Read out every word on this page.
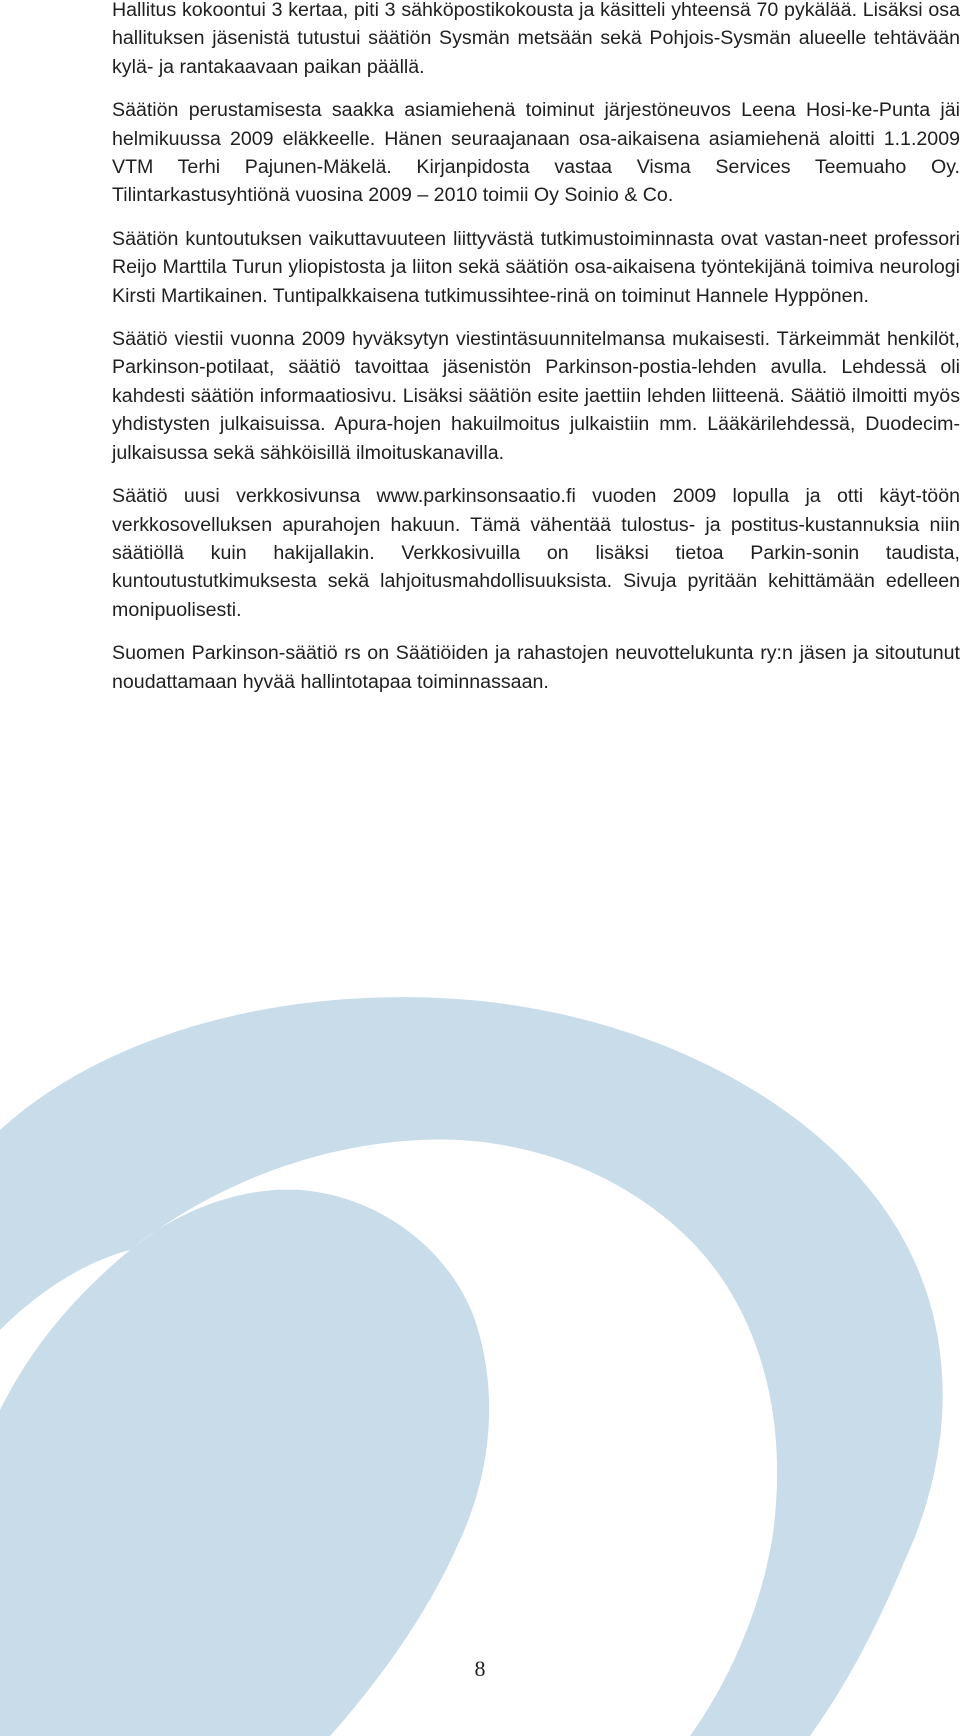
Hallitus kokoontui 3 kertaa, piti 3 sähköpostikokousta ja käsitteli yhteensä 70 pykälää. Lisäksi osa hallituksen jäsenistä tutustui säätiön Sysmän metsään sekä Pohjois-Sysmän alueelle tehtävään kylä- ja rantakaavaan paikan päällä.

Säätiön perustamisesta saakka asiamiehenä toiminut järjestöneuvos Leena Hosi-ke-Punta jäi helmikuussa 2009 eläkkeelle. Hänen seuraajanaan osa-aikaisena asiamiehenä aloitti 1.1.2009 VTM Terhi Pajunen-Mäkelä. Kirjanpidosta vastaa Visma Services Teemuaho Oy. Tilintarkastusyhtiönä vuosina 2009 – 2010 toimii Oy Soinio & Co.

Säätiön kuntoutuksen vaikuttavuuteen liittyvästä tutkimustoiminnasta ovat vastan-neet professori Reijo Marttila Turun yliopistosta ja liiton sekä säätiön osa-aikaisena työntekijänä toimiva neurologi Kirsti Martikainen. Tuntipalkkaisena tutkimussihtee-rinä on toiminut Hannele Hyppönen.

Säätiö viestii vuonna 2009 hyväksytyn viestintäsuunnitelmansa mukaisesti. Tärkeimmät henkilöt, Parkinson-potilaat, säätiö tavoittaa jäsenistön Parkinson-postia-lehden avulla. Lehdessä oli kahdesti säätiön informaatiosivu. Lisäksi säätiön esite jaettiin lehden liitteenä. Säätiö ilmoitti myös yhdistysten julkaisuissa. Apura-hojen hakuilmoitus julkaistiin mm. Lääkärilehdessä, Duodecim-julkaisussa sekä sähköisillä ilmoituskanavilla.

Säätiö uusi verkkosivunsa www.parkinsonsaatio.fi vuoden 2009 lopulla ja otti käyt-töön verkkosovelluksen apurahojen hakuun. Tämä vähentää tulostus- ja postitus-kustannuksia niin säätiöllä kuin hakijallakin. Verkkosivuilla on lisäksi tietoa Parkin-sonin taudista, kuntoutustutkimuksesta sekä lahjoitusmahdollisuuksista. Sivuja pyritään kehittämään edelleen monipuolisesti.

Suomen Parkinson-säätiö rs on Säätiöiden ja rahastojen neuvottelukunta ry:n jäsen ja sitoutunut noudattamaan hyvää hallintotapaa toiminnassaan.

8
